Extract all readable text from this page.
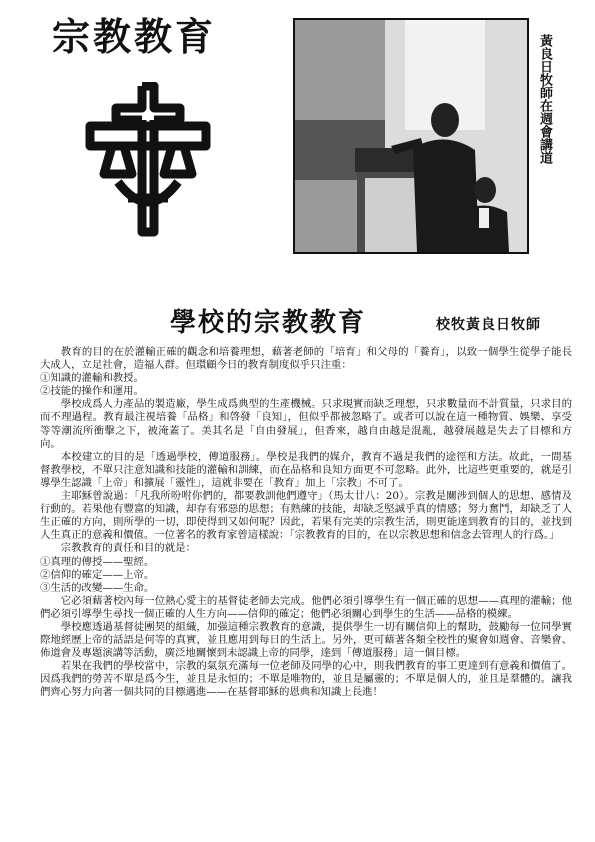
宗教教育	黃良日牧師在週會講道
學校的宗教教育	校牧黃良日牧師

教育的目的在於灌輸正確的觀念和培養理想，藉著老師的「培育」和父母的「養育」，以致一個學生從學子能長大成人，立足社會，造福人群。但環顧今日的教育制度似乎只注重：

①知識的灌輸和教授。

②技能的操作和運用。

學校成爲人力產品的製造廠，學生成爲典型的生產機械。只求現實而缺乏理想，只求數量而不計質量，只求目的而不理過程。教育最注視培養「品格」和啓發「良知」，但似乎都被忽略了。或者可以說在這一種物質、娛樂、享受等等潮流所衝擊之下，被淹蓋了。美其名是「自由發展」，但香來，越自由越是混亂，越發展越是失去了目標和方向。

本校建立的目的是「透過學校，傳道服務」。學校是我們的媒介，教育不過是我們的途徑和方法。故此，一間基督教學校，不單只注意知識和技能的灌輸和訓練，而在品格和良知方面更不可忽略。此外，比這些更重要的，就是引導學生認識「上帝」和擴展「靈性」，這就非要在「教育」加上「宗教」不可了。

主耶穌曾說過：「凡我所吩咐你們的，都要教訓他們遵守」（馬太廿八：20）。宗教是關涉到個人的思想、感情及行動的。若果他有豐富的知識，却存有邪惡的思想；有熟練的技能，却缺乏堅誠乎真的情感；努力奮鬥，却缺乏了人生正確的方向，則所學的一切，即使得到又如何呢？因此，若果有完美的宗教生活，則更能達到教育的目的，並找到人生真正的意義和價值。一位著名的教育家曾這樣說：「宗教教育的目的，在以宗教思想和信念去管理人的行爲。」

宗教教育的責任和目的就是：

①真理的傳授——聖經。

②信仰的確定——上帝。

③生活的改變——生命。

它必須藉著校內每一位熱心愛主的基督徒老師去完成。他們必須引導學生有一個正確的思想——真理的灌輸；他們必須引導學生尋找一個正確的人生方向——信仰的確定；他們必須關心到學生的生活——品格的模練。

學校應透過基督徒團契的組織，加强這種宗教教育的意識，提供學生一切有關信仰上的幫助，鼓勵每一位同學實際地經歷上帝的話語是何等的真實，並且應用到每日的生活上。另外，更可藉著各類全校性的聚會如週會、音樂會、佈道會及專題演講等活動，廣泛地關懷到未認識上帝的同學，達到「傳道服務」這一個目標。

若果在我們的學校當中，宗教的氣氛充滿每一位老師及同學的心中，則我們教育的事工更達到有意義和價值了。因爲我們的勞苦不單是爲今生，並且是永恒的；不單是唯物的，並且是屬靈的；不單是個人的，並且是羣體的。讓我們齊心努力向著一個共同的目標邁進——在基督耶穌的恩典和知識上長進！
